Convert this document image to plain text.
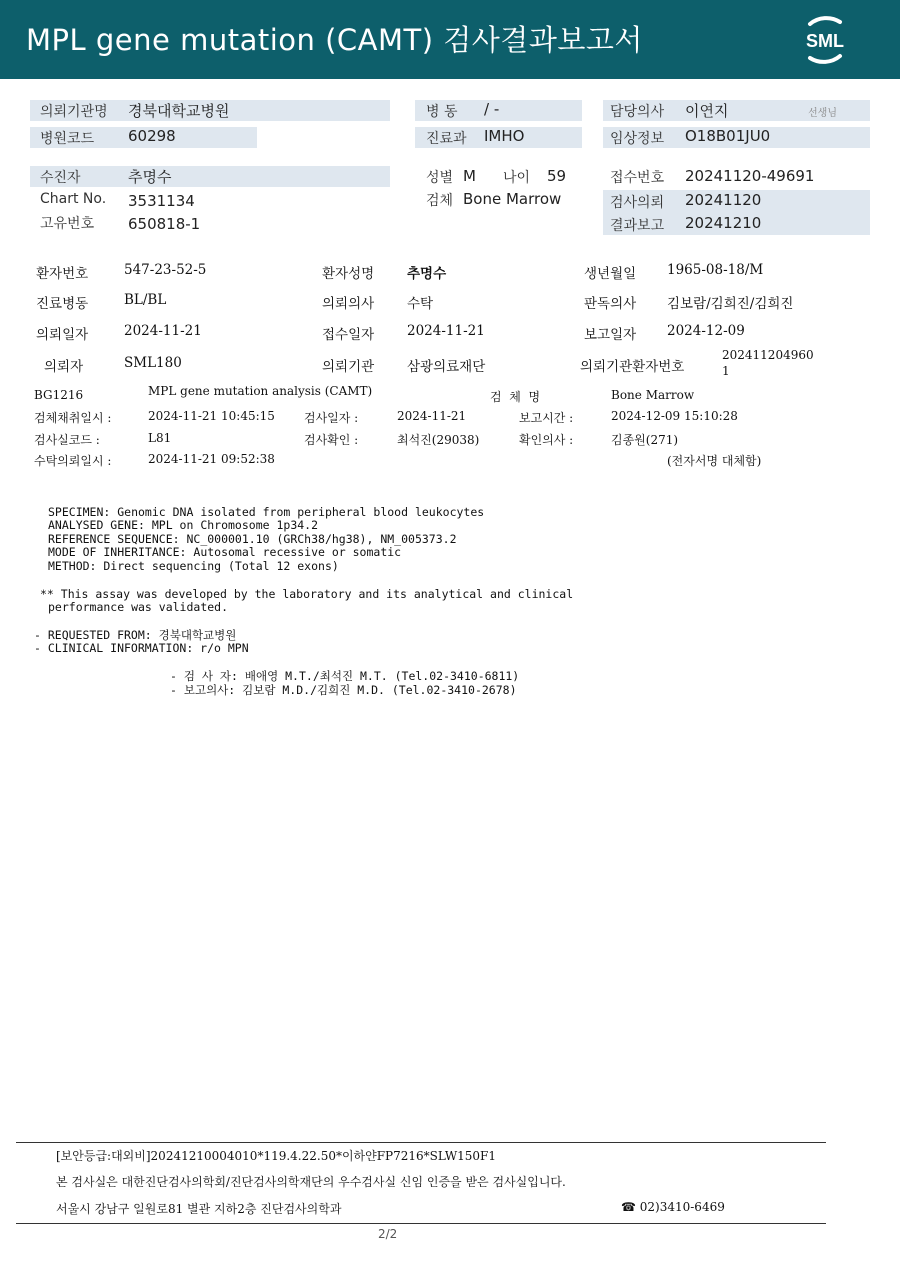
MPL gene mutation (CAMT) 검사결과보고서	SML
의뢰기관명 경북대학교병원
병원코드 60298
병 동 / -
진료과 IMHO
담당의사 이연지	선생님
임상정보 O18B01JU0
수진자	추명수
Chart No. 3531134
고유번호 650818-1
성별 M 나이 59
검체 Bone Marrow
접수번호 20241120-49691
검사의뢰 20241120
결과보고 20241210
환자번호	547-23-52-5	환자성명 추명수	생년월일 1965-08-18/M
진료병동	BL/BL	의뢰의사 수탁	판독의사 김보람/김희진/김희진
의뢰일자	2024-11-21	접수일자 2024-11-21	보고일자 2024-12-09
의뢰자	SML180	의뢰기관 삼광의료재단	의뢰기관환자번호
202411204960
1
BG1216	MPL gene mutation analysis (CAMT)	검  체  명	Bone Marrow
검체채취일시 :	2024-11-21 10:45:15 검사일자 :	2024-11-21	보고시간 :	2024-12-09 15:10:28
검사실코드 :	L81	검사확인 :	최석진(29038)	확인의사 :	김종원(271)
수탁의뢰일시 :	2024-11-21 09:52:38	(전자서명 대체함)
SPECIMEN: Genomic DNA isolated from peripheral blood leukocytes
ANALYSED GENE: MPL on Chromosome 1p34.2
REFERENCE SEQUENCE: NC_000001.10 (GRCh38/hg38), NM_005373.2
MODE OF INHERITANCE: Autosomal recessive or somatic
METHOD: Direct sequencing (Total 12 exons)
** This assay was developed by the laboratory and its analytical and clinical
performance was validated.
- REQUESTED FROM: 경북대학교병원
- CLINICAL INFORMATION: r/o MPN
- 검 사 자: 배애영 M.T./최석진 M.T. (Tel.02-3410-6811)
- 보고의사: 김보람 M.D./김희진 M.D. (Tel.02-3410-2678)
[보안등급:대외비]20241210004010*119.4.22.50*이하얀FP7216*SLW150F1
본 검사실은 대한진단검사의학회/진단검사의학재단의 우수검사실 신임 인증을 받은 검사실입니다.
서울시 강남구 일원로81 별관 지하2층 진단검사의학과	☎ 02)3410-6469
2/2
